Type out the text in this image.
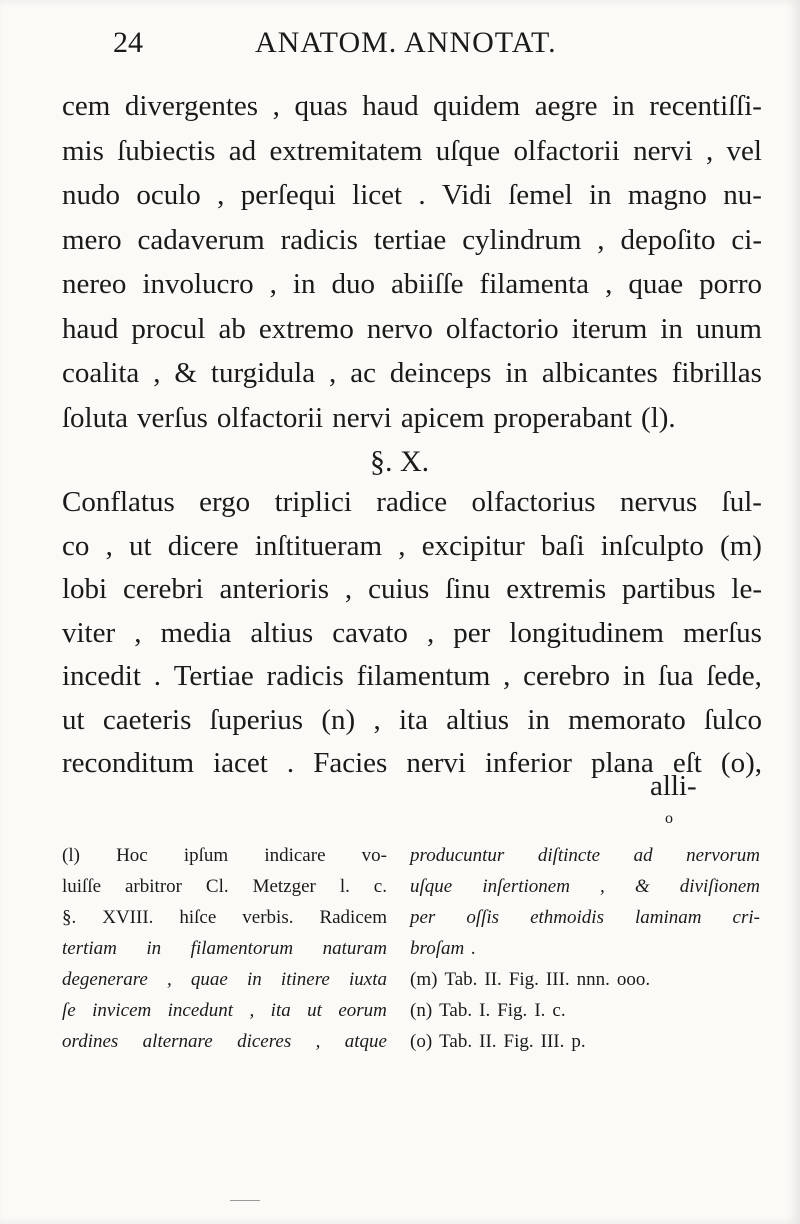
24	ANATOM. ANNOTAT.
cem divergentes , quas haud quidem aegre in recentiſſi-
mis ſubiectis ad extremitatem uſque olfactorii nervi , vel
nudo oculo , perſequi licet . Vidi ſemel in magno nu-
mero cadaverum radicis tertiae cylindrum , depoſito ci-
nereo involucro , in duo abiiſſe filamenta , quae porro
haud procul ab extremo nervo olfactorio iterum in unum
coalita , & turgidula , ac deinceps in albicantes fibrillas
ſoluta verſus olfactorii nervi apicem properabant (l).
§. X.
Conflatus ergo triplici radice olfactorius nervus ſul-
co , ut dicere inſtitueram , excipitur baſi inſculpto (m)
lobi cerebri anterioris , cuius ſinu extremis partibus le-
viter , media altius cavato , per longitudinem merſus
incedit . Tertiae radicis filamentum , cerebro in ſua ſede,
ut caeteris ſuperius (n) , ita altius in memorato ſulco
reconditum iacet . Facies nervi inferior plana eſt (o),
alli-
o
(l) Hoc ipſum indicare vo-
luiſſe arbitror Cl. Metzger l. c.
§. XVIII. hiſce verbis. Radicem
tertiam in filamentorum naturam
degenerare , quae in itinere iuxta
ſe invicem incedunt , ita ut eorum
ordines alternare diceres , atque
producuntur diſtincte ad nervorum
uſque inſertionem , & diviſionem
per oſſis ethmoidis laminam cri-
broſam .
(m) Tab. II. Fig. III. nnn. ooo.
(n) Tab. I. Fig. I. c.
(o) Tab. II. Fig. III. p.
